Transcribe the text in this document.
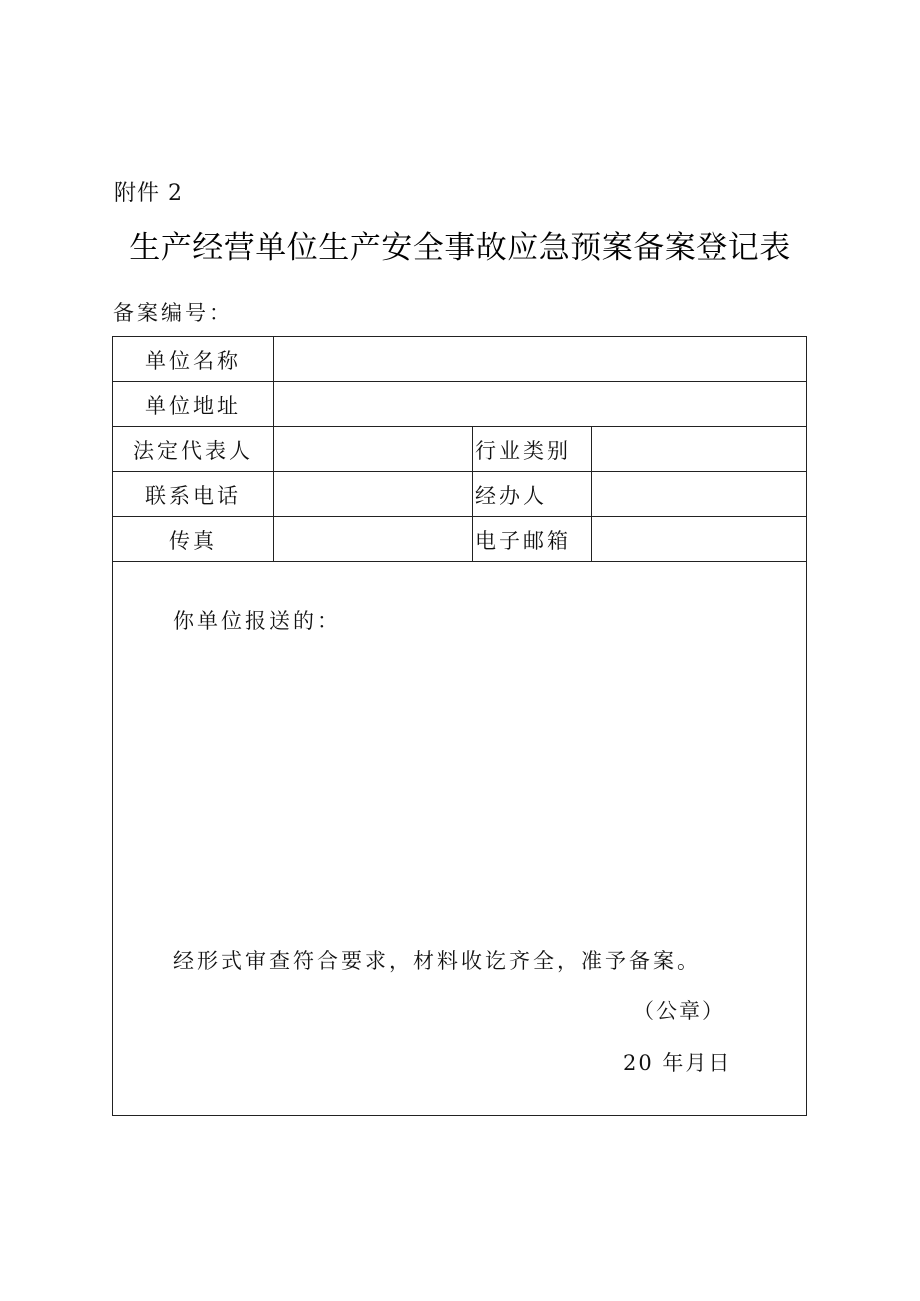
附件 2
生产经营单位生产安全事故应急预案备案登记表
备案编号：
单位名称
单位地址
法定代表人	行业类别
联系电话	经办人
传真	电子邮箱
你单位报送的：
经形式审查符合要求，材料收讫齐全，准予备案。
（公章）
20 年月日
